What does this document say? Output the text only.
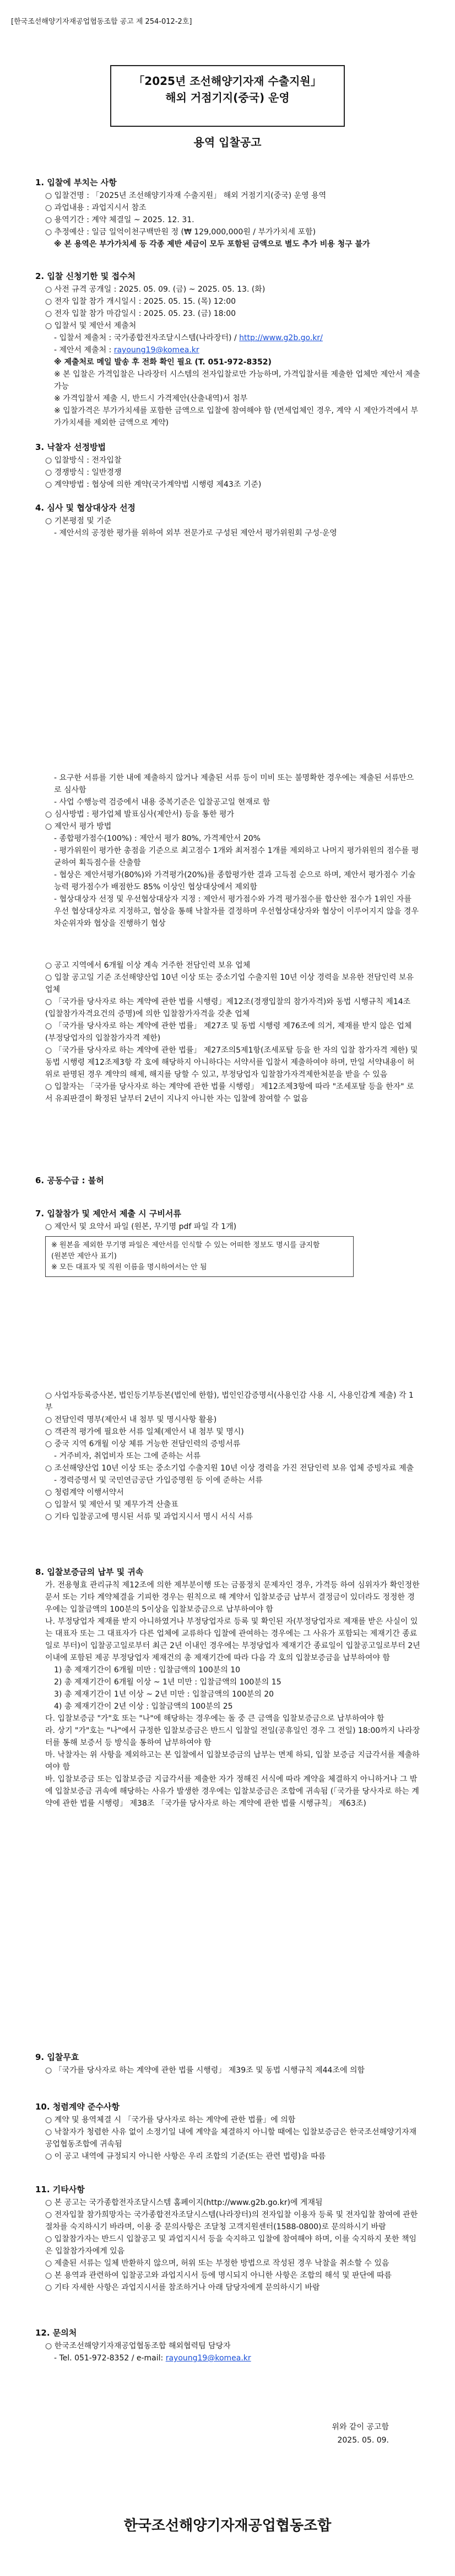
[한국조선해양기자재공업협동조합 공고 제 254-012-2호]
「2025년 조선해양기자재 수출지원」
해외 거점기지(중국) 운영
용역 입찰공고
1. 입찰에 부치는 사항
○ 입찰건명 : 「2025년 조선해양기자재 수출지원」 해외 거점기지(중국) 운영 용역
○ 과업내용 : 과업지시서 참조
○ 용역기간 : 계약 체결일 ~ 2025. 12. 31.
○ 추정예산 : 일금 일억이천구백만원 정 (₩ 129,000,000원 / 부가가치세 포함)
※ 본 용역은 부가가치세 등 각종 제반 세금이 모두 포함된 금액으로 별도 추가 비용 청구 불가
2. 입찰 신청기한 및 접수처
○ 사전 규격 공개일 : 2025. 05. 09. (금) ~ 2025. 05. 13. (화)
○ 전자 입찰 참가 개시일시 : 2025. 05. 15. (목) 12:00
○ 전자 입찰 참가 마감일시 : 2025. 05. 23. (금) 18:00
○ 입찰서 및 제안서 제출처
- 입찰서 제출처 : 국가종합전자조달시스템(나라장터) / http://www.g2b.go.kr/
- 제안서 제출처 : rayoung19@komea.kr
※ 제출처로 메일 발송 후 전화 확인 필요 (T. 051-972-8352)
※ 본 입찰은 가격입찰은 나라장터 시스템의 전자입찰로만 가능하며, 가격입찰서를 제출한 업체만 제안서 제출 가능
※ 가격입찰서 제출 시, 반드시 가격제안(산출내역)서 첨부
※ 입찰가격은 부가가치세를 포함한 금액으로 입찰에 참여해야 함 (면세업체인 경우, 계약 시 제안가격에서 부가가치세를 제외한 금액으로 계약)
3. 낙찰자 선정방법
○ 입찰방식 : 전자입찰
○ 경쟁방식 : 일반경쟁
○ 계약방법 : 협상에 의한 계약(국가계약법 시행령 제43조 기준)
4. 심사 및 협상대상자 선정
○ 기본평점 및 기준
- 제안서의 공정한 평가를 위하여 외부 전문가로 구성된 제안서 평가위원회 구성·운영
- 요구한 서류를 기한 내에 제출하지 않거나 제출된 서류 등이 미비 또는 불명확한 경우에는 제출된 서류만으로 심사함
- 사업 수행능력 검증에서 내용 중복기준은 입찰공고일 현재로 함
○ 심사방법 : 평가업체 발표심사(제안서) 등을 통한 평가
○ 제안서 평가 방법
- 종합평가점수(100%) : 제안서 평가 80%, 가격제안서 20%
- 평가위원이 평가한 총점을 기준으로 최고점수 1개와 최저점수 1개를 제외하고 나머지 평가위원의 점수를 평균하여 획득점수를 산출함
- 협상은 제안서평가(80%)와 가격평가(20%)를 종합평가한 결과 고득점 순으로 하며, 제안서 평가점수 기술능력 평가점수가 배점한도 85% 이상인 협상대상에서 제외함
- 협상대상자 선정 및 우선협상대상자 지정 : 제안서 평가점수와 가격 평가점수를 합산한 점수가 1위인 자를 우선 협상대상자로 지정하고, 협상을 통해 낙찰자를 결정하며 우선협상대상자와 협상이 이루어지지 않을 경우 차순위자와 협상을 진행하기 협상
○ 공고 지역에서 6개월 이상 계속 거주한 전담인력 보유 업체
○ 입찰 공고일 기준 조선해양산업 10년 이상 또는 중소기업 수출지원 10년 이상 경력을 보유한 전담인력 보유 업체
○ 「국가를 당사자로 하는 계약에 관한 법률 시행령」제12조(경쟁입찰의 참가자격)와 동법 시행규칙 제14조(입찰참가자격요건의 증명)에 의한 입찰참가자격을 갖춘 업체
○ 「국가를 당사자로 하는 계약에 관한 법률」 제27조 및 동법 시행령 제76조에 의거, 제재를 받지 않은 업체(부정당업자의 입찰참가자격 제한)
○ 「국가를 당사자로 하는 계약에 관한 법률」 제27조의5제1항(조세포탈 등을 한 자의 입찰 참가자격 제한) 및 동법 시행령 제12조제3항 각 호에 해당하지 아니하다는 서약서를 입찰서 제출하여야 하며, 만일 서약내용이 허위로 판명된 경우 계약의 해제, 해지를 당할 수 있고, 부정당업자 입찰참가자격제한처분을 받을 수 있음
○ 입찰자는 「국가를 당사자로 하는 계약에 관한 법률 시행령」 제12조제3항에 따라 "조세포탈 등을 한자" 로서 유죄판결이 확정된 날부터 2년이 지나지 아니한 자는 입찰에 참여할 수 없음
6. 공동수급 : 불허
7. 입찰참가 및 제안서 제출 시 구비서류
○ 제안서 및 요약서 파일 (원본, 무기명 pdf 파일 각 1개)
※ 원본을 제외한 무기명 파일은 제안서를 인식할 수 있는 어떠한 정보도 명시를 금지함
(원본만 제안사 표기)
※ 모든 대표자 및 직원 이름을 명시하여서는 안 됨
○ 사업자등록증사본, 법인등기부등본(법인에 한함), 법인인감증명서(사용인감 사용 시, 사용인감계 제출) 각 1부
○ 전담인력 명부(제안서 내 첨부 및 명시사항 활용)
○ 객관적 평가에 필요한 서류 일체(제안서 내 첨부 및 명시)
○ 중국 지역 6개월 이상 체류 거능한 전담인력의 증빙서류
- 거주비자, 취업비자 또는 그에 준하는 서류
○ 조선해양산업 10년 이상 또는 중소기업 수출지원 10년 이상 경력을 가진 전담인력 보유 업체 증빙자료 제출
- 경력증명서 및 국민연금공단 가입증명원 등 이에 준하는 서류
○ 청렴계약 이행서약서
○ 입찰서 및 제안서 및 제무가격 산출표
○ 기타 입찰공고에 명시된 서류 및 과업지시서 명시 서식 서류
8. 입찰보증금의 납부 및 귀속
가. 전용형효 관리규칙 제12조에 의한 제부분이행 또는 금품정치 문제자인 경우, 가격등 하여 심위자가 확인정한 문서 또는 기타 계약체결을 기피한 경우는 원칙으로 해 계약서 입찰보증금 납부서 결정금이 있더라도 정정한 경우에는 입찰금액의 100분의 5이상을 입찰보증금으로 납부하여야 함
나. 부정당업자 제재를 받지 아니하였거나 부정당업자로 등록 및 확인된 자(부정당업자로 제재를 받은 사실이 있는 대표자 또는 그 대표자가 다른 업체에 교류하다 입찰에 관여하는 경우에는 그 사유가 포함되는 제재기간 종료일로 부터)이 입찰공고일로부터 최근 2년 이내인 경우에는 부정당업자 제재기간 종료일이 입찰공고일로부터 2년 이내에 포함된 제공 부정당업자 제재건의 총 제재기간에 따라 다음 각 호의 입찰보증금을 납부하여야 함
1) 총 제재기간이 6개월 미만 : 입찰금액의 100분의 10
2) 총 제재기간이 6개월 이상 ~ 1년 미만 : 입찰금액의 100분의 15
3) 총 제재기간이 1년 이상 ~ 2년 미만 : 입찰금액의 100분의 20
4) 총 제재기간이 2년 이상 : 입찰금액의 100분의 25
다. 입찰보증금 "가"호 또는 "나"에 해당하는 경우에는 돌 중 큰 금액을 입찰보증금으로 납부하여야 함
라. 상기 "가"호는 "나"에서 규정한 입찰보증금은 반드시 입찰일 전일(공휴일인 경우 그 전일) 18:00까지 나라장터를 통해 보증서 등 방식을 통하여 납부하여야 함
마. 낙찰자는 위 사항을 제외하고는 본 입찰에서 입찰보증금의 납부는 면제 하되, 입찰 보증금 지급각서를 제출하여야 함
바. 입찰보증금 또는 입찰보증금 지급각서를 제출한 자가 정해진 서식에 따라 계약을 체결하지 아니하거나 그 밖에 입찰보증금 귀속에 해당하는 사유가 발생한 경우에는 입찰보증금은 조합에 귀속됨 (「국가를 당사자로 하는 계약에 관한 법률 시행령」 제38조 「국가를 당사자로 하는 계약에 관한 법률 시행규칙」 제63조)
9. 입찰무효
○ 「국가를 당사자로 하는 계약에 관한 법률 시행령」 제39조 및 동법 시행규칙 제44조에 의함
10. 청렴계약 준수사항
○ 계약 및 용역체결 시 「국가를 당사자로 하는 계약에 관한 법률」에 의함
○ 낙찰자가 청렴한 사유 없이 소정기일 내에 계약을 체결하지 아니할 때에는 입찰보증금은 한국조선해양기자재공업협동조합에 귀속됨
○ 이 공고 내역에 규정되지 아니한 사항은 우리 조합의 기준(또는 관련 법령)을 따름
11. 기타사항
○ 본 공고는 국가종합전자조달시스템 홈페이지(http://www.g2b.go.kr)에 게재됨
○ 전자입찰 참가희망자는 국가종합전자조달시스템(나라장터)의 전자입찰 이용자 등록 및 전자입찰 참여에 관한 절차를 숙지하시기 바라며, 이용 중 문의사항은 조달청 고객지원센터(1588-0800)로 문의하시기 바람
○ 입찰참가자는 반드시 입찰공고 및 과업지시서 등을 숙지하고 입찰에 참여해야 하며, 이를 숙지하지 못한 책임은 입찰참가자에게 있음
○ 제출된 서류는 일체 반환하지 않으며, 허위 또는 부정한 방법으로 작성된 경우 낙찰을 취소할 수 있음
○ 본 용역과 관련하여 입찰공고와 과업지시서 등에 명시되지 아니한 사항은 조합의 해석 및 판단에 따름
○ 기타 자세한 사항은 과업지시서를 참조하거나 아래 담당자에게 문의하시기 바람
12. 문의처
○ 한국조선해양기자재공업협동조합 해외협력팀 담당자
- Tel. 051-972-8352 / e-mail: rayoung19@komea.kr
위와 같이 공고함
2025. 05. 09.
한국조선해양기자재공업협동조합
